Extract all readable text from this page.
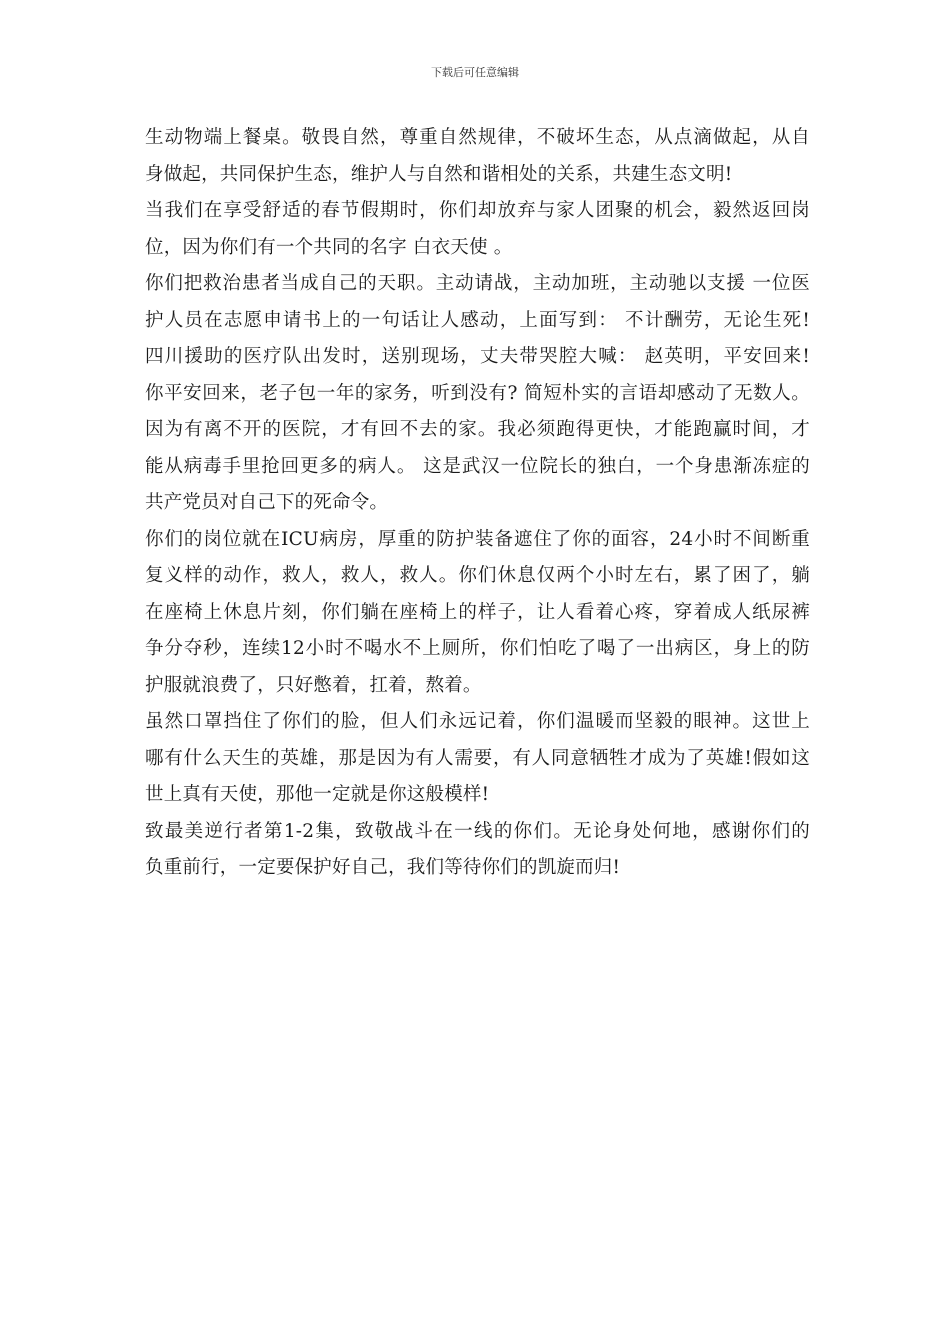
下载后可任意编辑
生动物端上餐桌。敬畏自然，尊重自然规律，不破坏生态，从点滴做起，从自
身做起，共同保护生态，维护人与自然和谐相处的关系，共建生态文明!
当我们在享受舒适的春节假期时，你们却放弃与家人团聚的机会，毅然返回岗
位，因为你们有一个共同的名字 白衣天使 。
你们把救治患者当成自己的天职。主动请战，主动加班，主动驰以支援 一位医
护人员在志愿申请书上的一句话让人感动，上面写到： 不计酬劳，无论生死!
四川援助的医疗队出发时，送别现场，丈夫带哭腔大喊： 赵英明，平安回来!
你平安回来，老子包一年的家务，听到没有? 简短朴实的言语却感动了无数人。
因为有离不开的医院，才有回不去的家。我必须跑得更快，才能跑赢时间，才
能从病毒手里抢回更多的病人。 这是武汉一位院长的独白，一个身患渐冻症的
共产党员对自己下的死命令。
你们的岗位就在ICU病房，厚重的防护装备遮住了你的面容，24小时不间断重
复义样的动作，救人，救人，救人。你们休息仅两个小时左右，累了困了，躺
在座椅上休息片刻，你们躺在座椅上的样子，让人看着心疼，穿着成人纸尿裤
争分夺秒，连续12小时不喝水不上厕所，你们怕吃了喝了一出病区，身上的防
护服就浪费了，只好憋着，扛着，熬着。
虽然口罩挡住了你们的脸，但人们永远记着，你们温暖而坚毅的眼神。这世上
哪有什么天生的英雄，那是因为有人需要，有人同意牺牲才成为了英雄!假如这
世上真有天使，那他一定就是你这般模样!
致最美逆行者第1-2集，致敬战斗在一线的你们。无论身处何地，感谢你们的
负重前行，一定要保护好自己，我们等待你们的凯旋而归!
